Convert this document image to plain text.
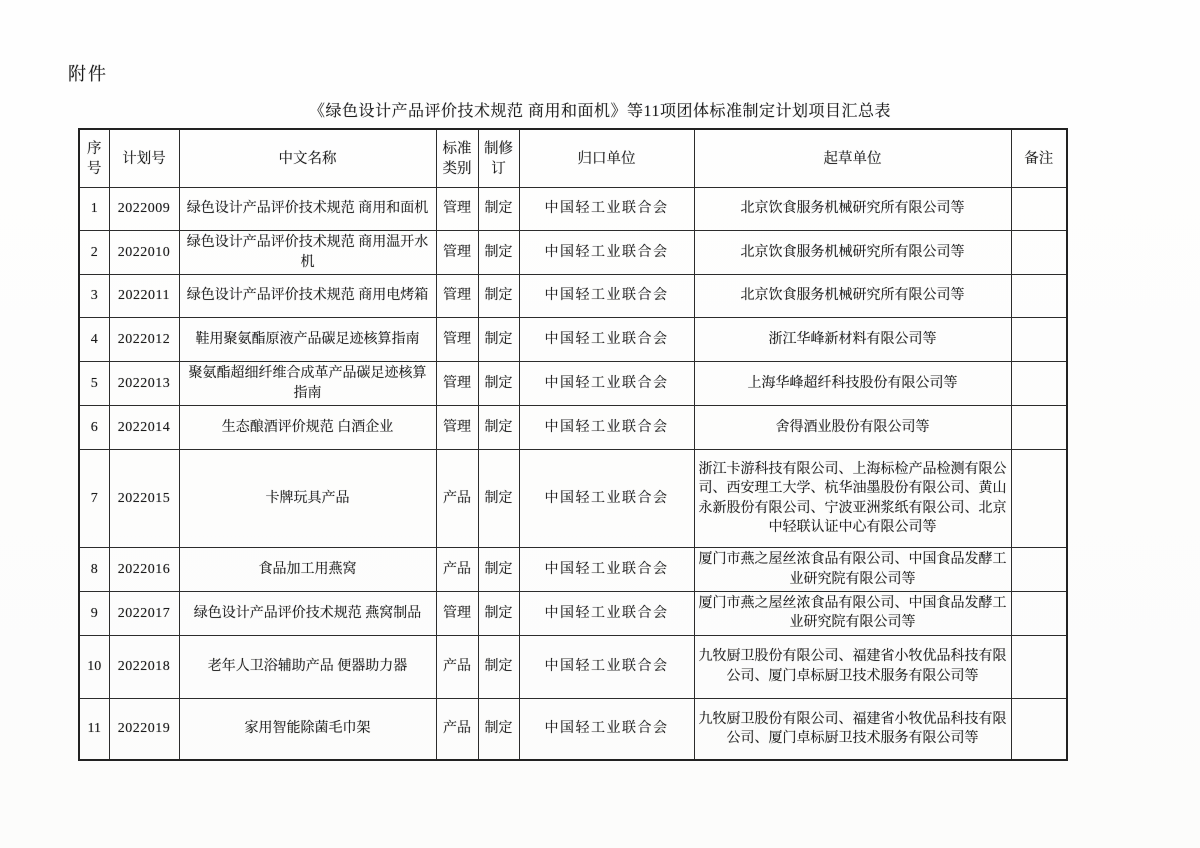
附件
《绿色设计产品评价技术规范 商用和面机》等11项团体标准制定计划项目汇总表
序号	计划号	中文名称	标准类别	制修订	归口单位	起草单位	备注
1	2022009	绿色设计产品评价技术规范 商用和面机	管理	制定	中国轻工业联合会	北京饮食服务机械研究所有限公司等	
2	2022010	绿色设计产品评价技术规范 商用温开水机	管理	制定	中国轻工业联合会	北京饮食服务机械研究所有限公司等	
3	2022011	绿色设计产品评价技术规范 商用电烤箱	管理	制定	中国轻工业联合会	北京饮食服务机械研究所有限公司等	
4	2022012	鞋用聚氨酯原液产品碳足迹核算指南	管理	制定	中国轻工业联合会	浙江华峰新材料有限公司等	
5	2022013	聚氨酯超细纤维合成革产品碳足迹核算指南	管理	制定	中国轻工业联合会	上海华峰超纤科技股份有限公司等	
6	2022014	生态酿酒评价规范 白酒企业	管理	制定	中国轻工业联合会	舍得酒业股份有限公司等	
7	2022015	卡牌玩具产品	产品	制定	中国轻工业联合会	浙江卡游科技有限公司、上海标检产品检测有限公司、西安理工大学、杭华油墨股份有限公司、黄山永新股份有限公司、宁波亚洲浆纸有限公司、北京中轻联认证中心有限公司等	
8	2022016	食品加工用燕窝	产品	制定	中国轻工业联合会	厦门市燕之屋丝浓食品有限公司、中国食品发酵工业研究院有限公司等	
9	2022017	绿色设计产品评价技术规范 燕窝制品	管理	制定	中国轻工业联合会	厦门市燕之屋丝浓食品有限公司、中国食品发酵工业研究院有限公司等	
10	2022018	老年人卫浴辅助产品 便器助力器	产品	制定	中国轻工业联合会	九牧厨卫股份有限公司、福建省小牧优品科技有限公司、厦门卓标厨卫技术服务有限公司等	
11	2022019	家用智能除菌毛巾架	产品	制定	中国轻工业联合会	九牧厨卫股份有限公司、福建省小牧优品科技有限公司、厦门卓标厨卫技术服务有限公司等	
